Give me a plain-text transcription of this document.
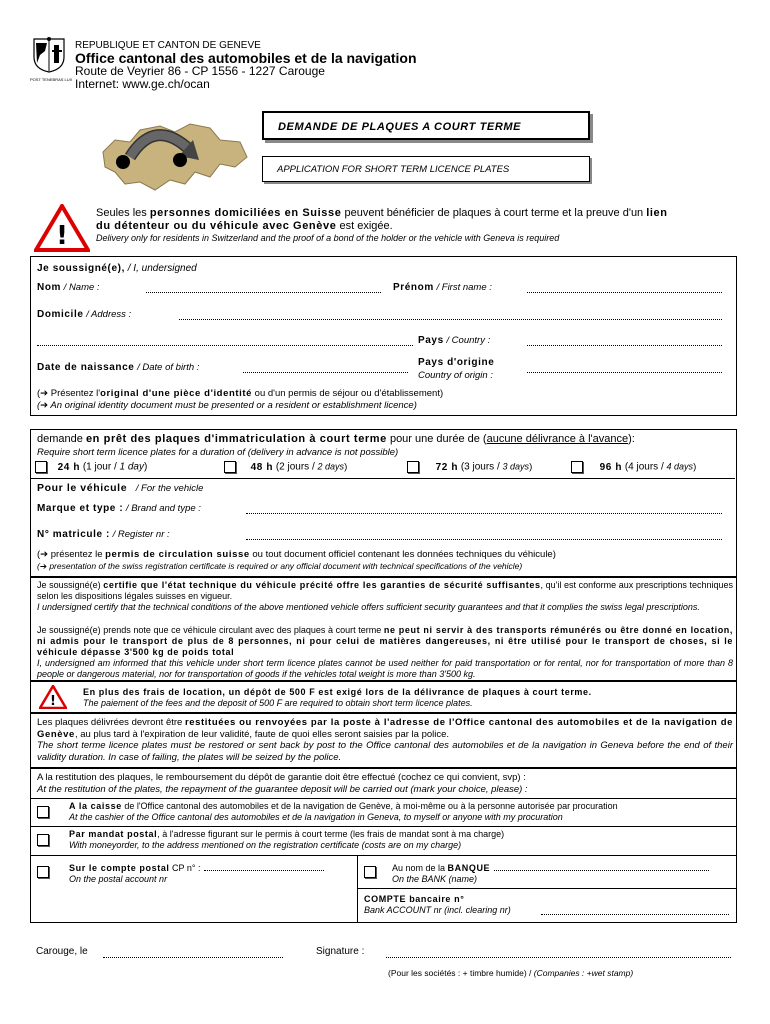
POST TENEBRAS LUX
REPUBLIQUE ET CANTON DE GENEVE
Office cantonal des automobiles et de la navigation
Route de Veyrier 86 - CP 1556 - 1227 Carouge
Internet: www.ge.ch/ocan
DEMANDE DE PLAQUES A COURT TERME
APPLICATION FOR SHORT TERM LICENCE PLATES
!
Seules les personnes domiciliées en Suisse peuvent bénéficier de plaques à court terme et la preuve d'un lien
du détenteur ou du véhicule avec Genève est exigée.
Delivery only for residents in Switzerland and the proof of a bond of the holder or the vehicle with Geneva is required
Je soussigné(e), / I, undersigned
Nom / Name :	Prénom / First name :
Domicile / Address :
Pays / Country :
Date de naissance / Date of birth :	Pays d'origine
Country of origin :
(➔ Présentez l'original d'une pièce d'identité ou d'un permis de séjour ou d'établissement)
(➔ An original identity document must be presented or a resident or establishment licence)
demande en prêt des plaques d'immatriculation à court terme pour une durée de (aucune délivrance à l'avance):
Require short term licence plates for a duration of (delivery in advance is not possible)
24 h (1 jour / 1 day)	48 h (2 jours / 2 days)	72 h (3 jours / 3 days)	96 h (4 jours / 4 days)
Pour le véhicule / For the vehicle
Marque et type : / Brand and type :
N° matricule : / Register nr :
(➔ présentez le permis de circulation suisse ou tout document officiel contenant les données techniques du véhicule)
(➔ presentation of the swiss registration certificate is required or any official document with technical specifications of the vehicle)
Je soussigné(e) certifie que l'état technique du véhicule précité offre les garanties de sécurité suffisantes, qu'il est conforme aux prescriptions techniques selon les dispositions légales suisses en vigueur.
I undersigned certify that the technical conditions of the above mentioned vehicle offers sufficient security guarantees and that it complies the swiss legal prescriptions.
Je soussigné(e) prends note que ce véhicule circulant avec des plaques à court terme ne peut ni servir à des transports rémunérés ou être donné en location, ni admis pour le transport de plus de 8 personnes, ni pour celui de matières dangereuses, ni être utilisé pour le transport de choses, si le véhicule dépasse 3'500 kg de poids total
I, undersigned am informed that this vehicle under short term licence plates cannot be used neither for paid transportation or for rental, nor for transportation of more than 8 people or dangerous material, nor for transportation of goods if the vehicles total weight is more than 3'500 kg.
!
En plus des frais de location, un dépôt de 500 F est exigé lors de la délivrance de plaques à court terme.
The paiement of the fees and the deposit of 500 F are required to obtain short term licence plates.
Les plaques délivrées devront être restituées ou renvoyées par la poste à l'adresse de l'Office cantonal des automobiles et de la navigation de Genève, au plus tard à l'expiration de leur validité, faute de quoi elles seront saisies par la police.
The short terme licence plates must be restored or sent back by post to the Office cantonal des automobiles et de la navigation in Geneva before the end of their validity duration. In case of failing, the plates will be seized by the police.
A la restitution des plaques, le remboursement du dépôt de garantie doit être effectué (cochez ce qui convient, svp) :
At the restitution of the plates, the repayment of the guarantee deposit will be carried out (mark your choice, please) :
A la caisse de l'Office cantonal des automobiles et de la navigation de Genève, à moi-même ou à la personne autorisée par procuration
At the cashier of the Office cantonal des automobiles et de la navigation in Geneva, to myself or anyone with my procuration
Par mandat postal, à l'adresse figurant sur le permis à court terme (les frais de mandat sont à ma charge)
With moneyorder, to the address mentioned on the registration certificate (costs are on my charge)
Sur le compte postal CP n° :
On the postal account nr
Au nom de la BANQUE
On the BANK (name)
COMPTE bancaire n°
Bank ACCOUNT nr (incl. clearing nr)
Carouge, le	Signature :
(Pour les sociétés : + timbre humide) / (Companies : +wet stamp)
